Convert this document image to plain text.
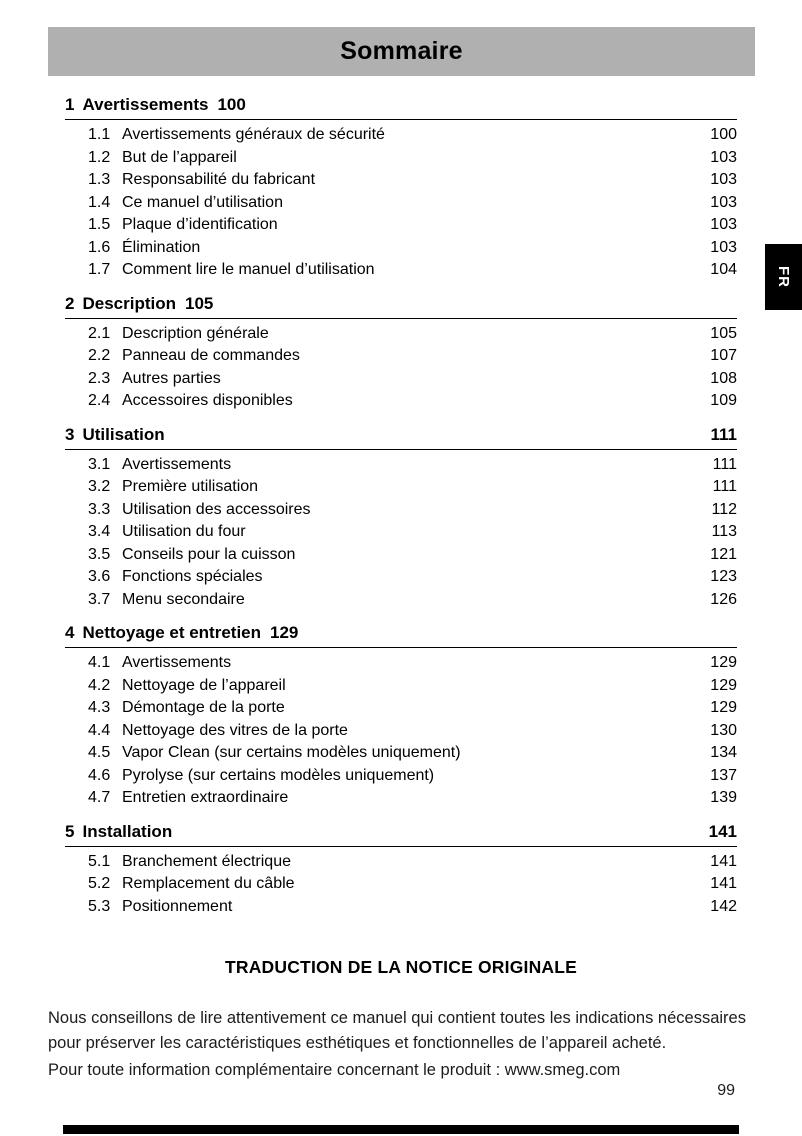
Sommaire
FR
1 Avertissements 100
1.1 Avertissements généraux de sécurité	100
1.2 But de l’appareil	103
1.3 Responsabilité du fabricant	103
1.4 Ce manuel d’utilisation	103
1.5 Plaque d’identification	103
1.6 Élimination	103
1.7 Comment lire le manuel d’utilisation	104
2 Description 105
2.1 Description générale	105
2.2 Panneau de commandes	107
2.3 Autres parties	108
2.4 Accessoires disponibles	109
3 Utilisation	111
3.1 Avertissements	111
3.2 Première utilisation	111
3.3 Utilisation des accessoires	112
3.4 Utilisation du four	113
3.5 Conseils pour la cuisson	121
3.6 Fonctions spéciales	123
3.7 Menu secondaire	126
4 Nettoyage et entretien 129
4.1 Avertissements	129
4.2 Nettoyage de l’appareil	129
4.3 Démontage de la porte	129
4.4 Nettoyage des vitres de la porte	130
4.5 Vapor Clean (sur certains modèles uniquement)	134
4.6 Pyrolyse (sur certains modèles uniquement)	137
4.7 Entretien extraordinaire	139
5 Installation	141
5.1 Branchement électrique	141
5.2 Remplacement du câble	141
5.3 Positionnement	142
TRADUCTION DE LA NOTICE ORIGINALE

Nous conseillons de lire attentivement ce manuel qui contient toutes les indications nécessaires pour préserver les caractéristiques esthétiques et fonctionnelles de l’appareil acheté.

Pour toute information complémentaire concernant le produit : www.smeg.com

99
